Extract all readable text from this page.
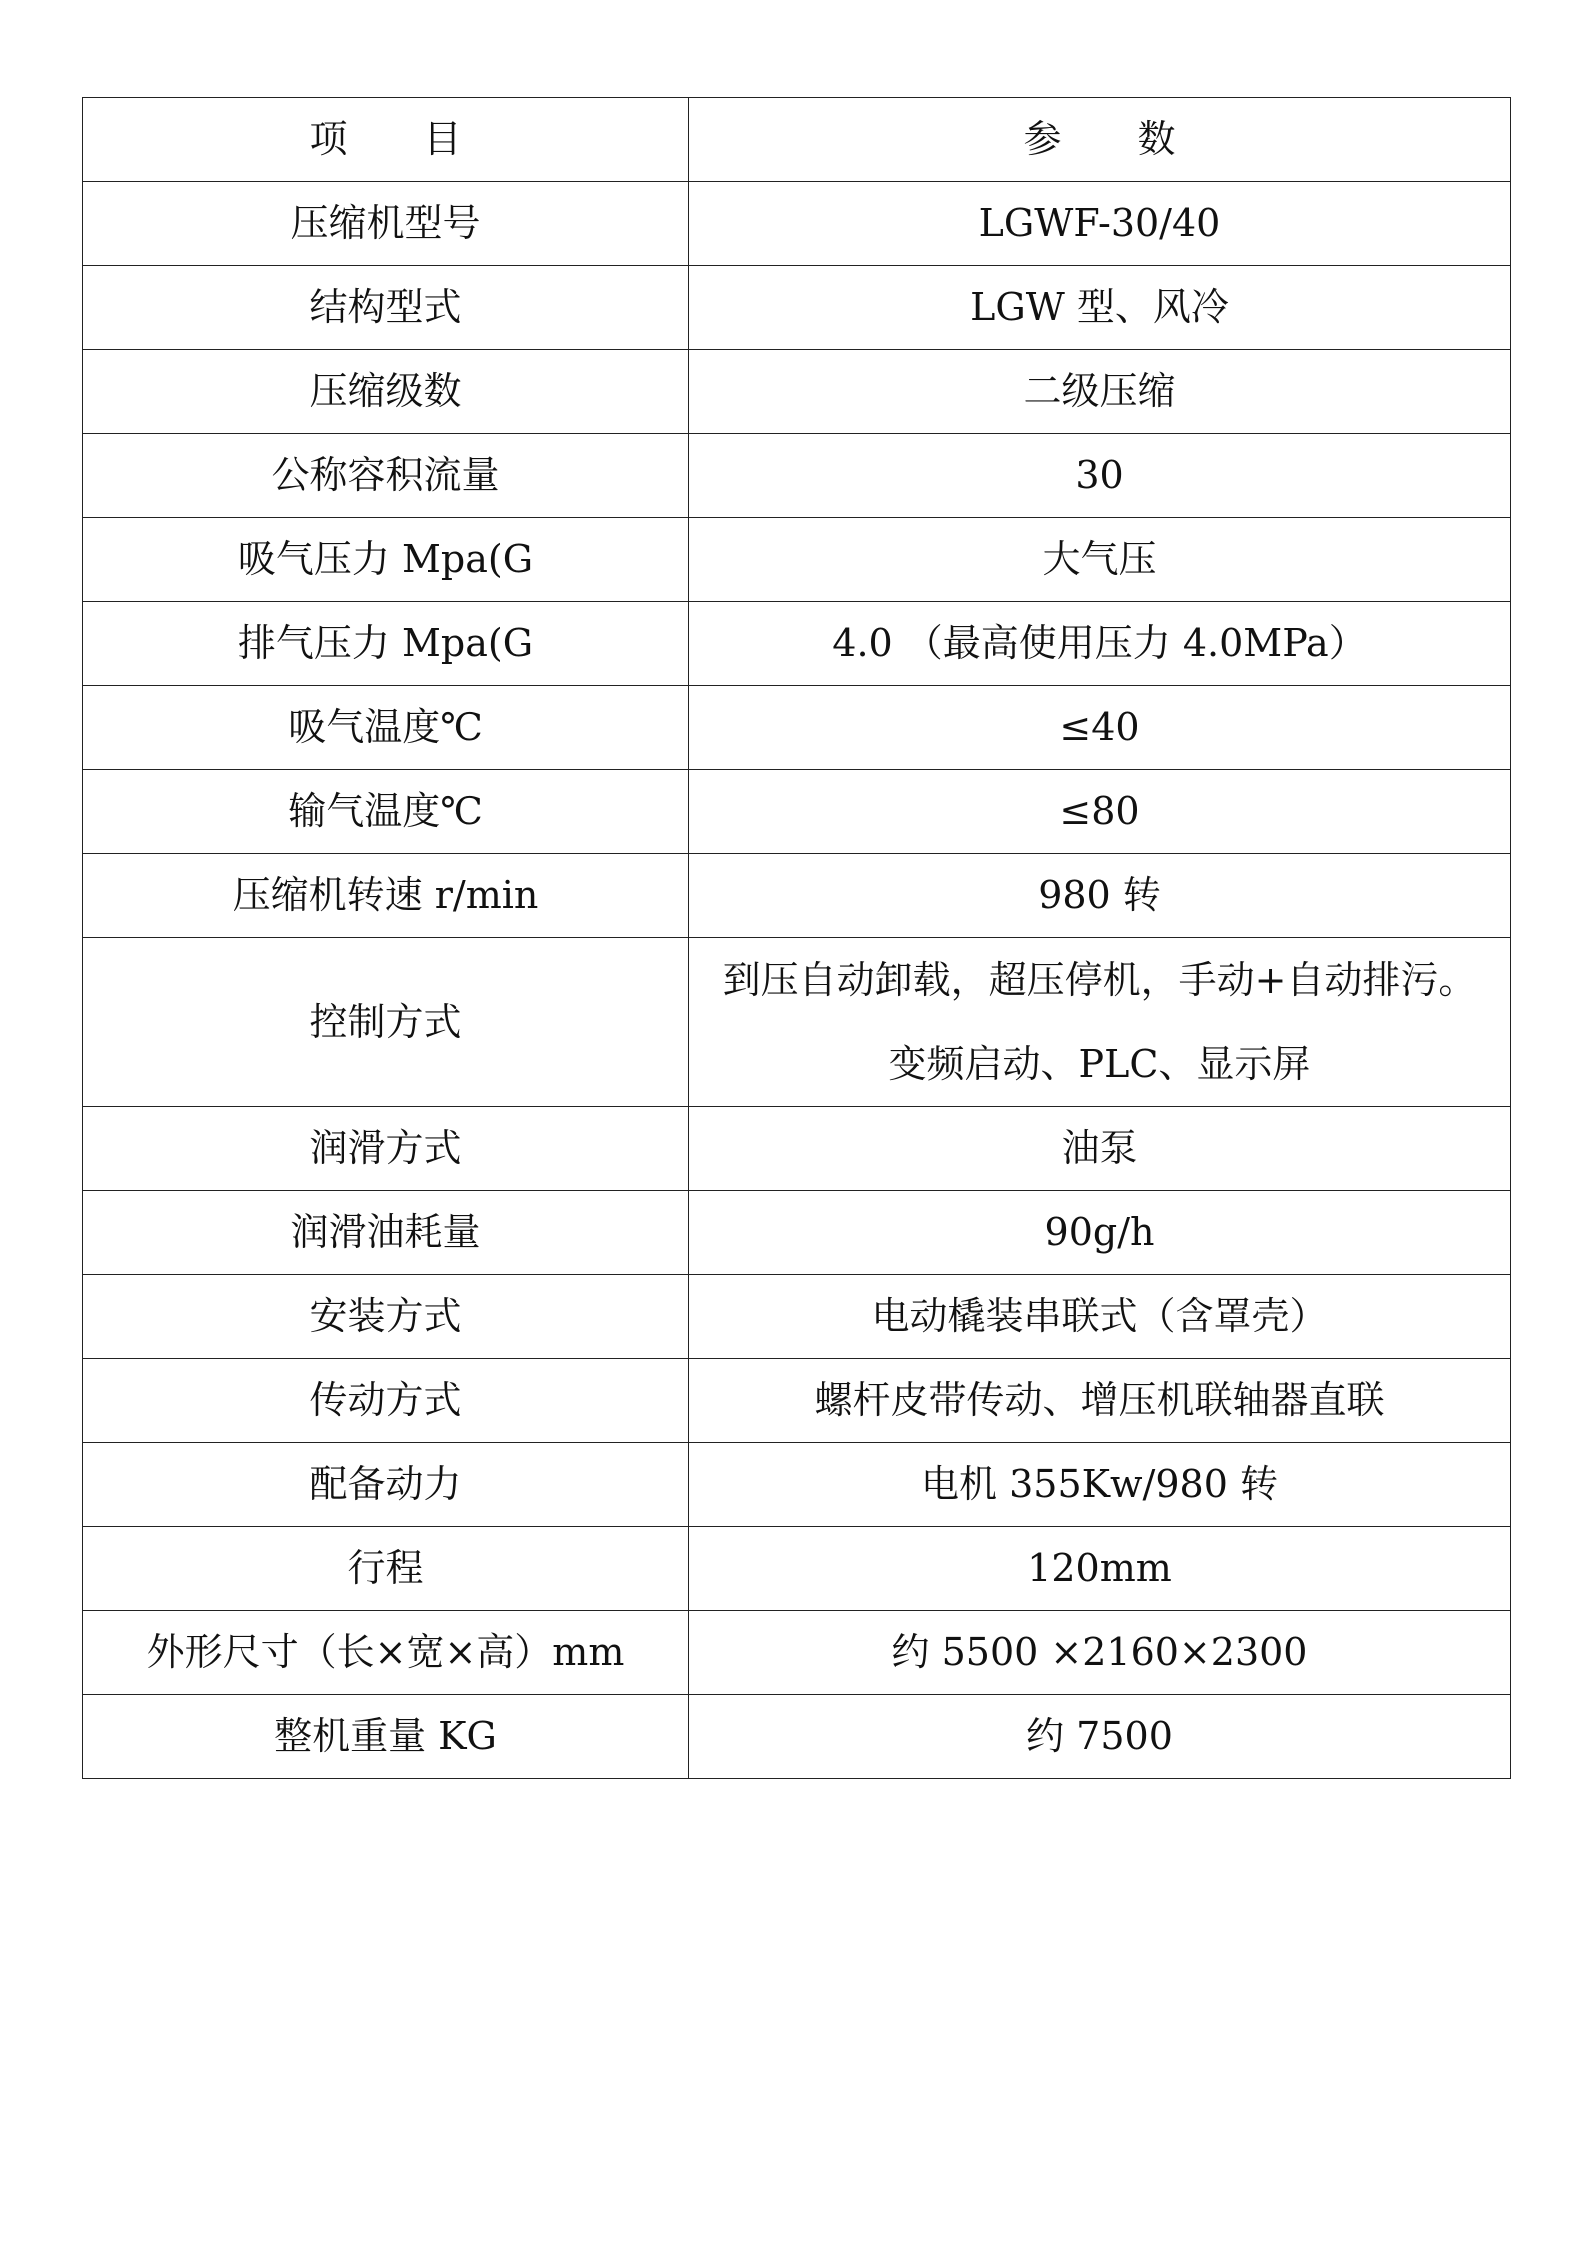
项　　目	参　　数
压缩机型号	LGWF-30/40
结构型式	LGW 型、风冷
压缩级数	二级压缩
公称容积流量	30
吸气压力 Mpa(G	大气压
排气压力 Mpa(G	4.0 （最高使用压力 4.0MPa）
吸气温度℃	≤40
输气温度℃	≤80
压缩机转速 r/min	980 转
控制方式	到压自动卸载，超压停机，手动+自动排污。
变频启动、PLC、显示屏

润滑方式	油泵
润滑油耗量	90g/h
安装方式	电动橇装串联式（含罩壳）
传动方式	螺杆皮带传动、增压机联轴器直联
配备动力	电机 355Kw/980 转
行程	120mm
外形尺寸（长×宽×高）mm	约 5500 ×2160×2300
整机重量 KG	约 7500
